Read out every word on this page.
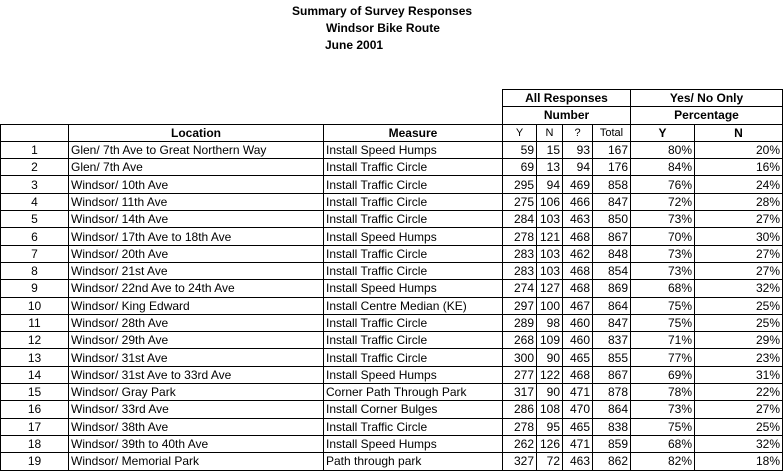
Summary of Survey Responses
Windsor Bike Route
June 2001
			All Responses				Yes/ No Only	
			Number				Percentage	
	Location	Measure	Y	N	?	Total	Y	N
1	Glen/ 7th Ave to Great Northern Way	Install Speed Humps	59	15	93	167	80%	20%
2	Glen/ 7th Ave	Install Traffic Circle	69	13	94	176	84%	16%
3	Windsor/ 10th Ave	Install Traffic Circle	295	94	469	858	76%	24%
4	Windsor/ 11th Ave	Install Traffic Circle	275	106	466	847	72%	28%
5	Windsor/ 14th Ave	Install Traffic Circle	284	103	463	850	73%	27%
6	Windsor/ 17th Ave to 18th Ave	Install Speed Humps	278	121	468	867	70%	30%
7	Windsor/ 20th Ave	Install Traffic Circle	283	103	462	848	73%	27%
8	Windsor/ 21st Ave	Install Traffic Circle	283	103	468	854	73%	27%
9	Windsor/ 22nd Ave to 24th Ave	Install Speed Humps	274	127	468	869	68%	32%
10	Windsor/ King Edward	Install Centre Median (KE)	297	100	467	864	75%	25%
11	Windsor/ 28th Ave	Install Traffic Circle	289	98	460	847	75%	25%
12	Windsor/ 29th Ave	Install Traffic Circle	268	109	460	837	71%	29%
13	Windsor/ 31st Ave	Install Traffic Circle	300	90	465	855	77%	23%
14	Windsor/ 31st Ave to 33rd Ave	Install Speed Humps	277	122	468	867	69%	31%
15	Windsor/ Gray Park	Corner Path Through Park	317	90	471	878	78%	22%
16	Windsor/ 33rd Ave	Install Corner Bulges	286	108	470	864	73%	27%
17	Windsor/ 38th Ave	Install Traffic Circle	278	95	465	838	75%	25%
18	Windsor/ 39th to 40th Ave	Install Speed Humps	262	126	471	859	68%	32%
19	Windsor/ Memorial Park	Path through park	327	72	463	862	82%	18%
